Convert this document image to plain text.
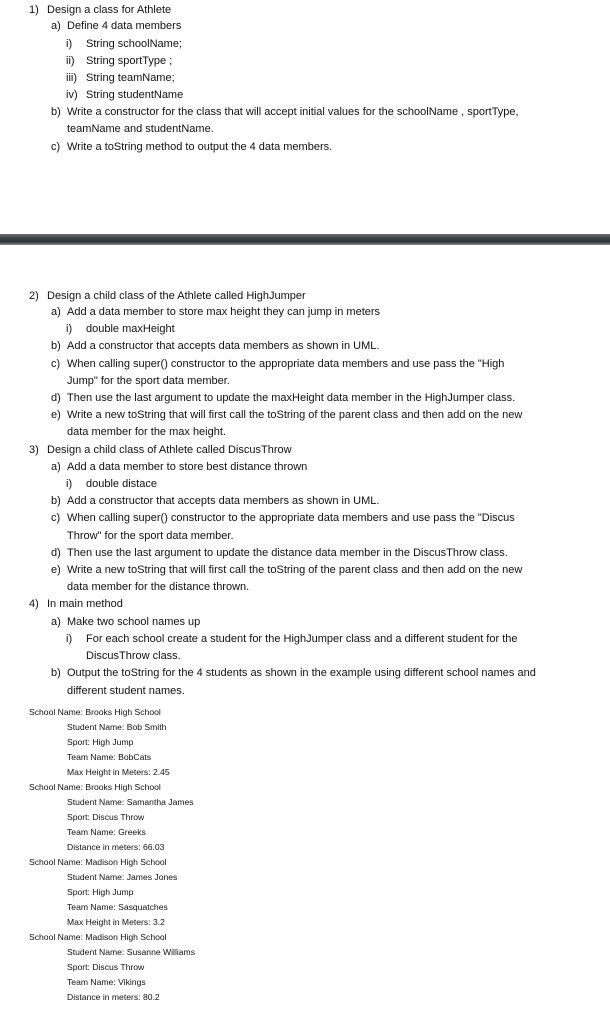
1) Design a class for Athlete
a) Define 4 data members
i) String schoolName;
ii) String sportType ;
iii) String teamName;
iv) String studentName
b) Write a constructor for the class that will accept initial values for the schoolName , sportType,
teamName and studentName.
c) Write a toString method to output the 4 data members.
2) Design a child class of the Athlete called HighJumper
a) Add a data member to store max height they can jump in meters
i) double maxHeight
b) Add a constructor that accepts data members as shown in UML.
c) When calling super() constructor to the appropriate data members and use pass the "High
Jump" for the sport data member.
d) Then use the last argument to update the maxHeight data member in the HighJumper class.
e) Write a new toString that will first call the toString of the parent class and then add on the new
data member for the max height.
3) Design a child class of Athlete called DiscusThrow
a) Add a data member to store best distance thrown
i) double distace
b) Add a constructor that accepts data members as shown in UML.
c) When calling super() constructor to the appropriate data members and use pass the "Discus
Throw" for the sport data member.
d) Then use the last argument to update the distance data member in the DiscusThrow class.
e) Write a new toString that will first call the toString of the parent class and then add on the new
data member for the distance thrown.
4) In main method
a) Make two school names up
i) For each school create a student for the HighJumper class and a different student for the
DiscusThrow class.
b) Output the toString for the 4 students as shown in the example using different school names and
different student names.
School Name: Brooks High School
Student Name: Bob Smith
Sport: High Jump
Team Name: BobCats
Max Height in Meters: 2.45
School Name: Brooks High School
Student Name: Samantha James
Sport: Discus Throw
Team Name: Greeks
Distance in meters: 66.03
School Name: Madison High School
Student Name: James Jones
Sport: High Jump
Team Name: Sasquatches
Max Height in Meters: 3.2
School Name: Madison High School
Student Name: Susanne Williams
Sport: Discus Throw
Team Name: Vikings
Distance in meters: 80.2
